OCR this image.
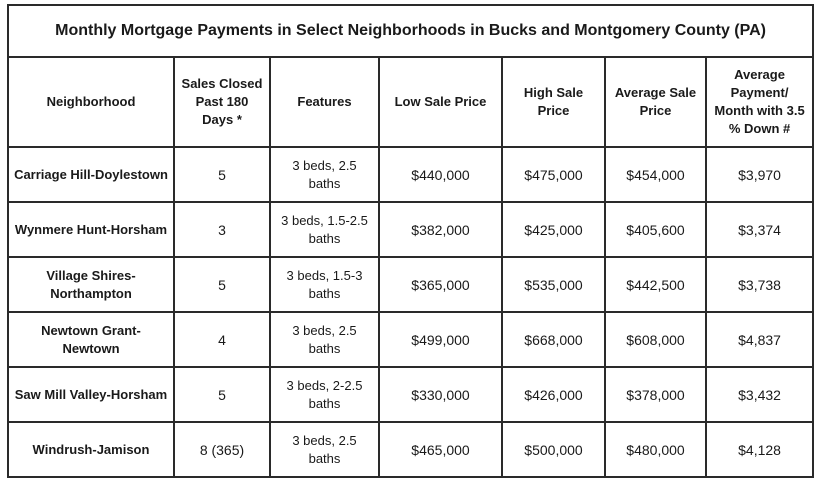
Monthly Mortgage Payments in Select Neighborhoods in Bucks and Montgomery County (PA)						
Neighborhood	Sales Closed Past 180 Days *	Features	Low Sale Price	High Sale Price	Average Sale Price	Average Payment/ Month with 3.5 % Down #
Carriage Hill-Doylestown	5	3 beds, 2.5 baths	$440,000	$475,000	$454,000	$3,970
Wynmere Hunt-Horsham	3	3 beds, 1.5-2.5 baths	$382,000	$425,000	$405,600	$3,374
Village Shires-Northampton	5	3 beds, 1.5-3 baths	$365,000	$535,000	$442,500	$3,738
Newtown Grant-Newtown	4	3 beds, 2.5 baths	$499,000	$668,000	$608,000	$4,837
Saw Mill Valley-Horsham	5	3 beds, 2-2.5 baths	$330,000	$426,000	$378,000	$3,432
Windrush-Jamison	8 (365)	3 beds, 2.5 baths	$465,000	$500,000	$480,000	$4,128
